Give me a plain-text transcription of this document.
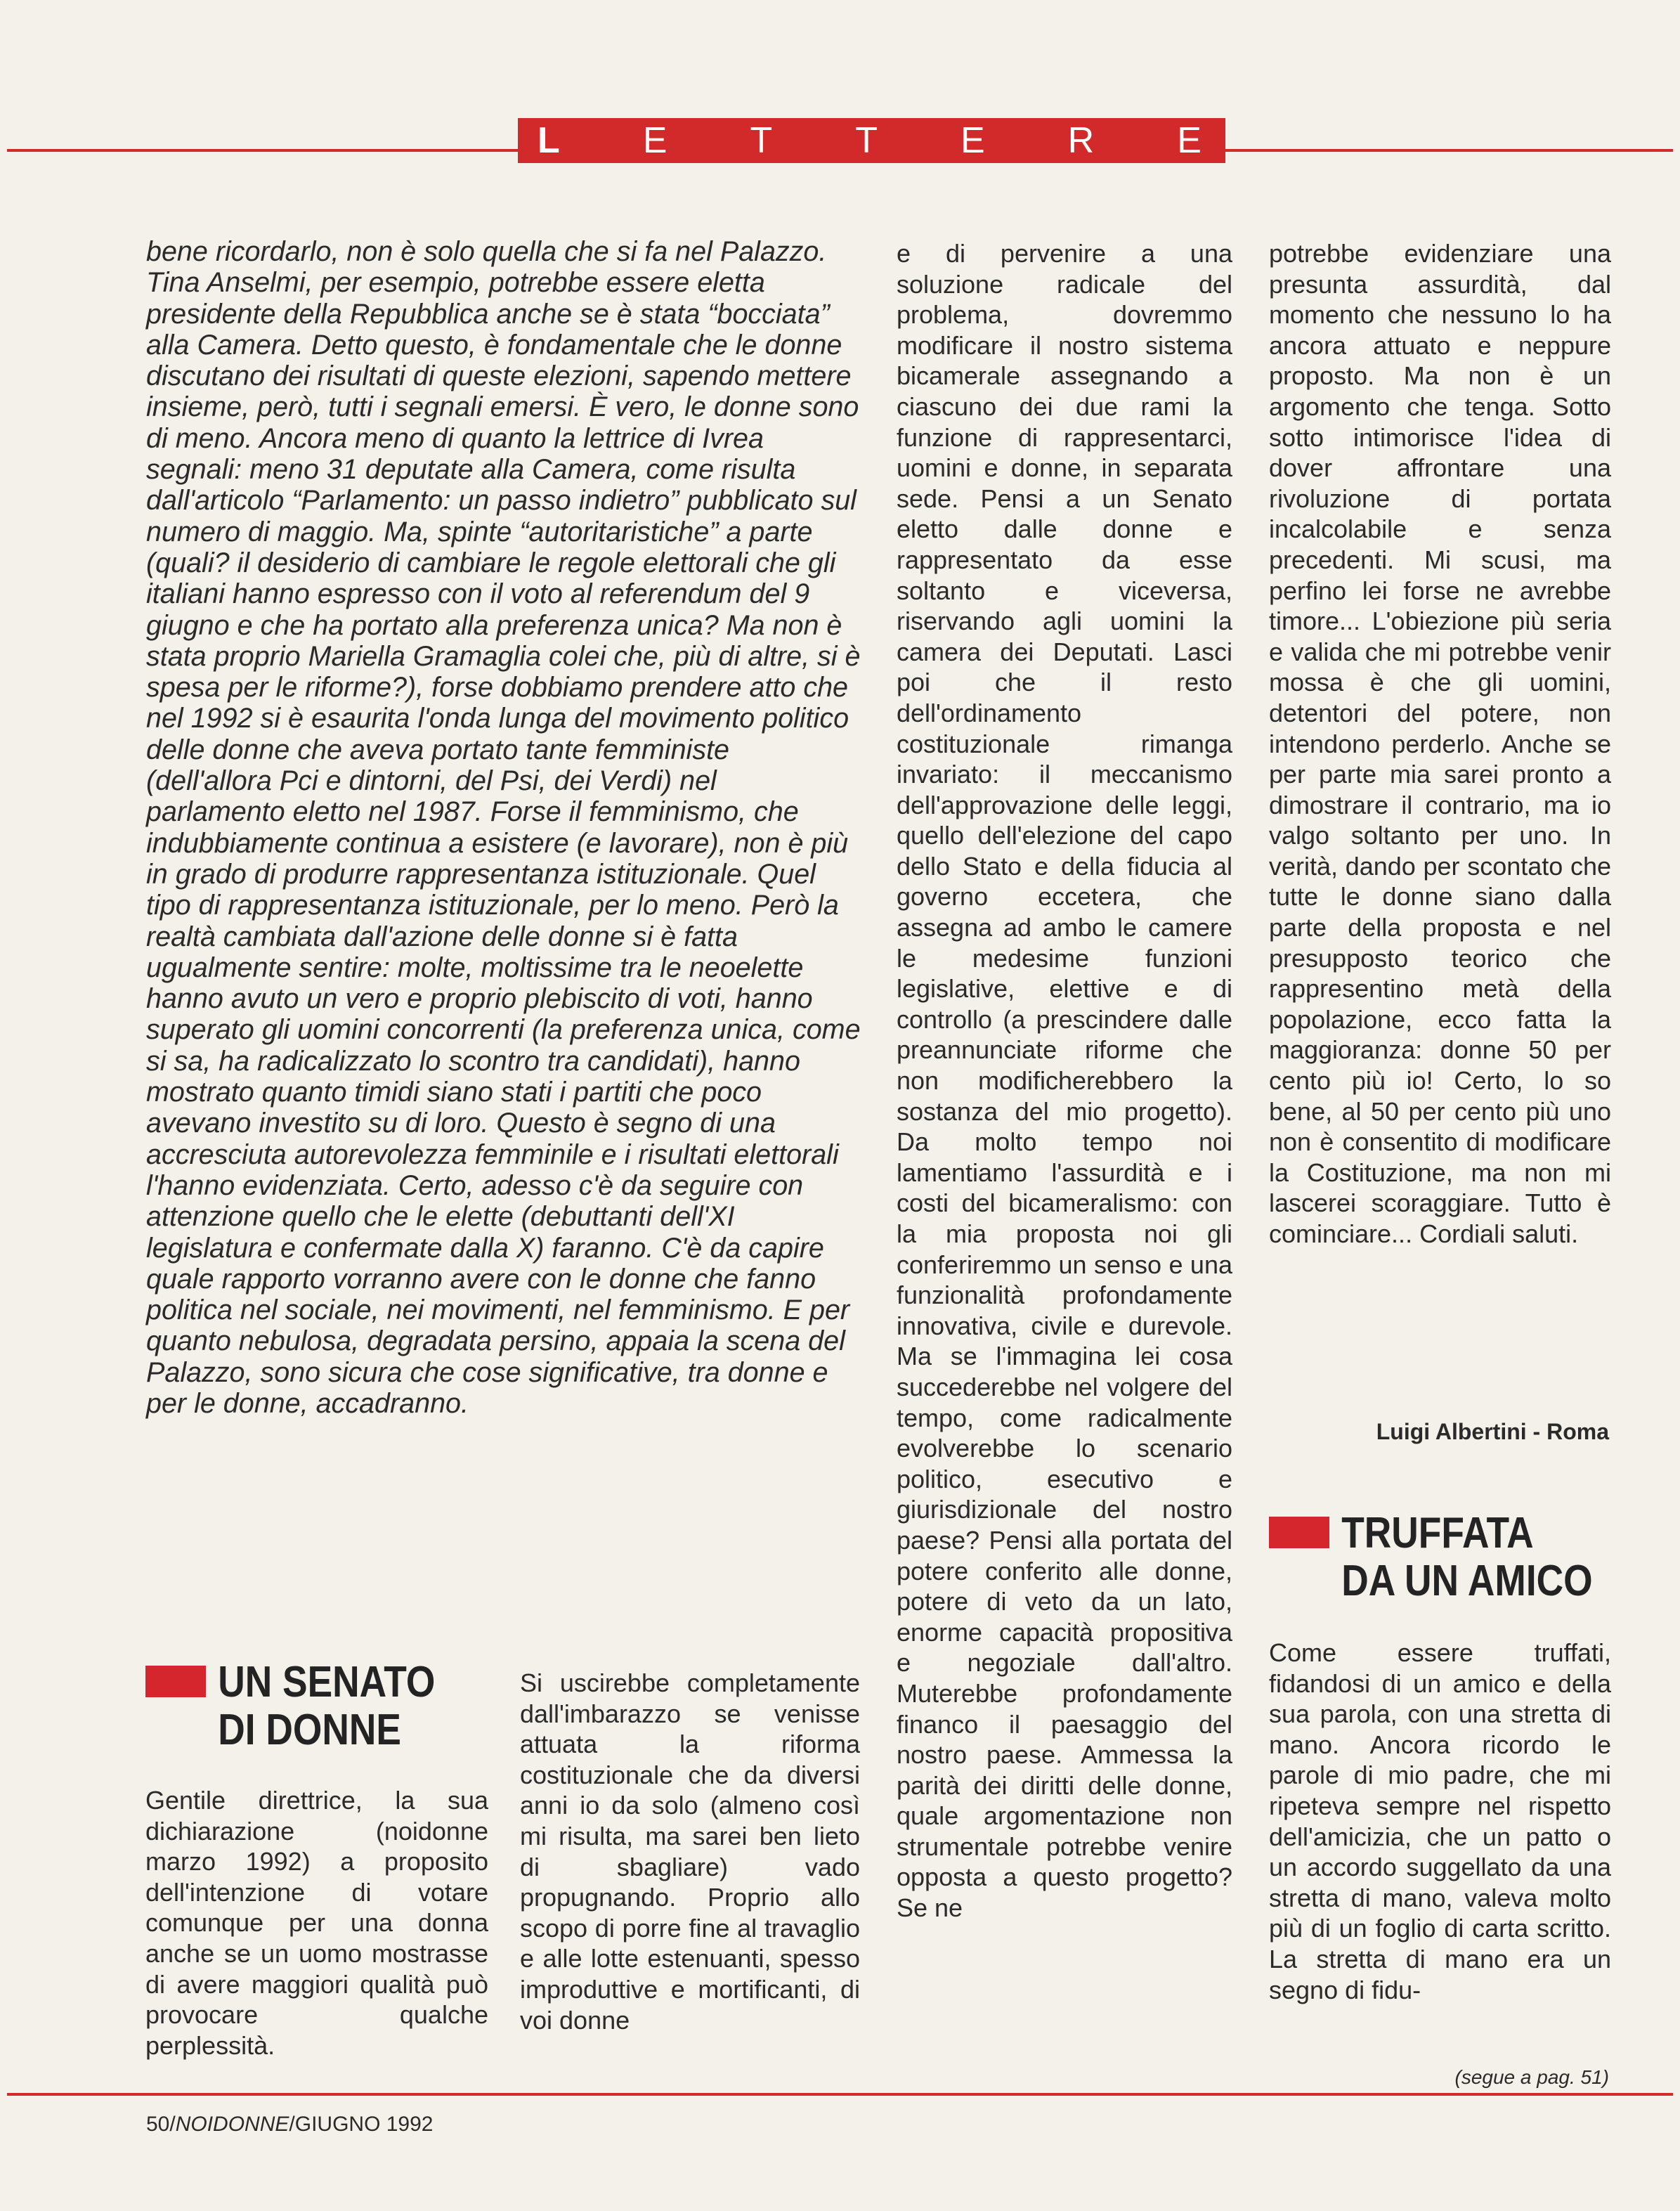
L E T T E R E
bene ricordarlo, non è solo quella che si fa nel Palazzo. Tina Anselmi, per esempio, potrebbe essere eletta presidente della Repubblica anche se è stata “bocciata” alla Camera. Detto questo, è fondamentale che le donne discutano dei risultati di queste elezioni, sapendo mettere insieme, però, tutti i segnali emersi. È vero, le donne sono di meno. Ancora meno di quanto la lettrice di Ivrea segnali: meno 31 deputate alla Camera, come risulta dall'articolo “Parlamento: un passo indietro” pubblicato sul numero di maggio. Ma, spinte “autoritaristiche” a parte (quali? il desiderio di cambiare le regole elettorali che gli italiani hanno espresso con il voto al referendum del 9 giugno e che ha portato alla preferenza unica? Ma non è stata proprio Mariella Gramaglia colei che, più di altre, si è spesa per le riforme?), forse dobbiamo prendere atto che nel 1992 si è esaurita l'onda lunga del movimento politico delle donne che aveva portato tante femministe (dell'allora Pci e dintorni, del Psi, dei Verdi) nel parlamento eletto nel 1987. Forse il femminismo, che indubbiamente continua a esistere (e lavorare), non è più in grado di produrre rappresentanza istituzionale. Quel tipo di rappresentanza istituzionale, per lo meno. Però la realtà cambiata dall'azione delle donne si è fatta ugualmente sentire: molte, moltissime tra le neoelette hanno avuto un vero e proprio plebiscito di voti, hanno superato gli uomini concorrenti (la preferenza unica, come si sa, ha radicalizzato lo scontro tra candidati), hanno mostrato quanto timidi siano stati i partiti che poco avevano investito su di loro. Questo è segno di una accresciuta autorevolezza femminile e i risultati elettorali l'hanno evidenziata. Certo, adesso c'è da seguire con attenzione quello che le elette (debuttanti dell'XI legislatura e confermate dalla X) faranno. C'è da capire quale rapporto vorranno avere con le donne che fanno politica nel sociale, nei movimenti, nel femminismo. E per quanto nebulosa, degradata persino, appaia la scena del Palazzo, sono sicura che cose significative, tra donne e per le donne, accadranno.
UN SENATO
DI DONNE
Gentile direttrice, la sua dichiarazione (noidonne marzo 1992) a proposito dell'intenzione di votare comunque per una donna anche se un uomo mostrasse di avere maggiori qualità può provocare qualche perplessità.
Si uscirebbe completamente dall'imbarazzo se venisse attuata la riforma costituzionale che da diversi anni io da solo (almeno così mi risulta, ma sarei ben lieto di sbagliare) vado propugnando. Proprio allo scopo di porre fine al travaglio e alle lotte estenuanti, spesso improduttive e mortificanti, di voi donne
e di pervenire a una soluzione radicale del problema, dovremmo modificare il nostro sistema bicamerale assegnando a ciascuno dei due rami la funzione di rappresentarci, uomini e donne, in separata sede. Pensi a un Senato eletto dalle donne e rappresentato da esse soltanto e viceversa, riservando agli uomini la camera dei Deputati. Lasci poi che il resto dell'ordinamento costituzionale rimanga invariato: il meccanismo dell'approvazione delle leggi, quello dell'elezione del capo dello Stato e della fiducia al governo eccetera, che assegna ad ambo le camere le medesime funzioni legislative, elettive e di controllo (a prescindere dalle preannunciate riforme che non modificherebbero la sostanza del mio progetto). Da molto tempo noi lamentiamo l'assurdità e i costi del bicameralismo: con la mia proposta noi gli conferiremmo un senso e una funzionalità profondamente innovativa, civile e durevole. Ma se l'immagina lei cosa succederebbe nel volgere del tempo, come radicalmente evolverebbe lo scenario politico, esecutivo e giurisdizionale del nostro paese? Pensi alla portata del potere conferito alle donne, potere di veto da un lato, enorme capacità propositiva e negoziale dall'altro. Muterebbe profondamente financo il paesaggio del nostro paese. Ammessa la parità dei diritti delle donne, quale argomentazione non strumentale potrebbe venire opposta a questo progetto? Se ne
potrebbe evidenziare una presunta assurdità, dal momento che nessuno lo ha ancora attuato e neppure proposto. Ma non è un argomento che tenga. Sotto sotto intimorisce l'idea di dover affrontare una rivoluzione di portata incalcolabile e senza precedenti. Mi scusi, ma perfino lei forse ne avrebbe timore... L'obiezione più seria e valida che mi potrebbe venir mossa è che gli uomini, detentori del potere, non intendono perderlo. Anche se per parte mia sarei pronto a dimostrare il contrario, ma io valgo soltanto per uno. In verità, dando per scontato che tutte le donne siano dalla parte della proposta e nel presupposto teorico che rappresentino metà della popolazione, ecco fatta la maggioranza: donne 50 per cento più io! Certo, lo so bene, al 50 per cento più uno non è consentito di modificare la Costituzione, ma non mi lascerei scoraggiare. Tutto è cominciare... Cordiali saluti.
Luigi Albertini - Roma
TRUFFATA
DA UN AMICO
Come essere truffati, fidandosi di un amico e della sua parola, con una stretta di mano. Ancora ricordo le parole di mio padre, che mi ripeteva sempre nel rispetto dell'amicizia, che un patto o un accordo suggellato da una stretta di mano, valeva molto più di un foglio di carta scritto. La stretta di mano era un segno di fidu-
(segue a pag. 51)
50/NOIDONNE/GIUGNO 1992
